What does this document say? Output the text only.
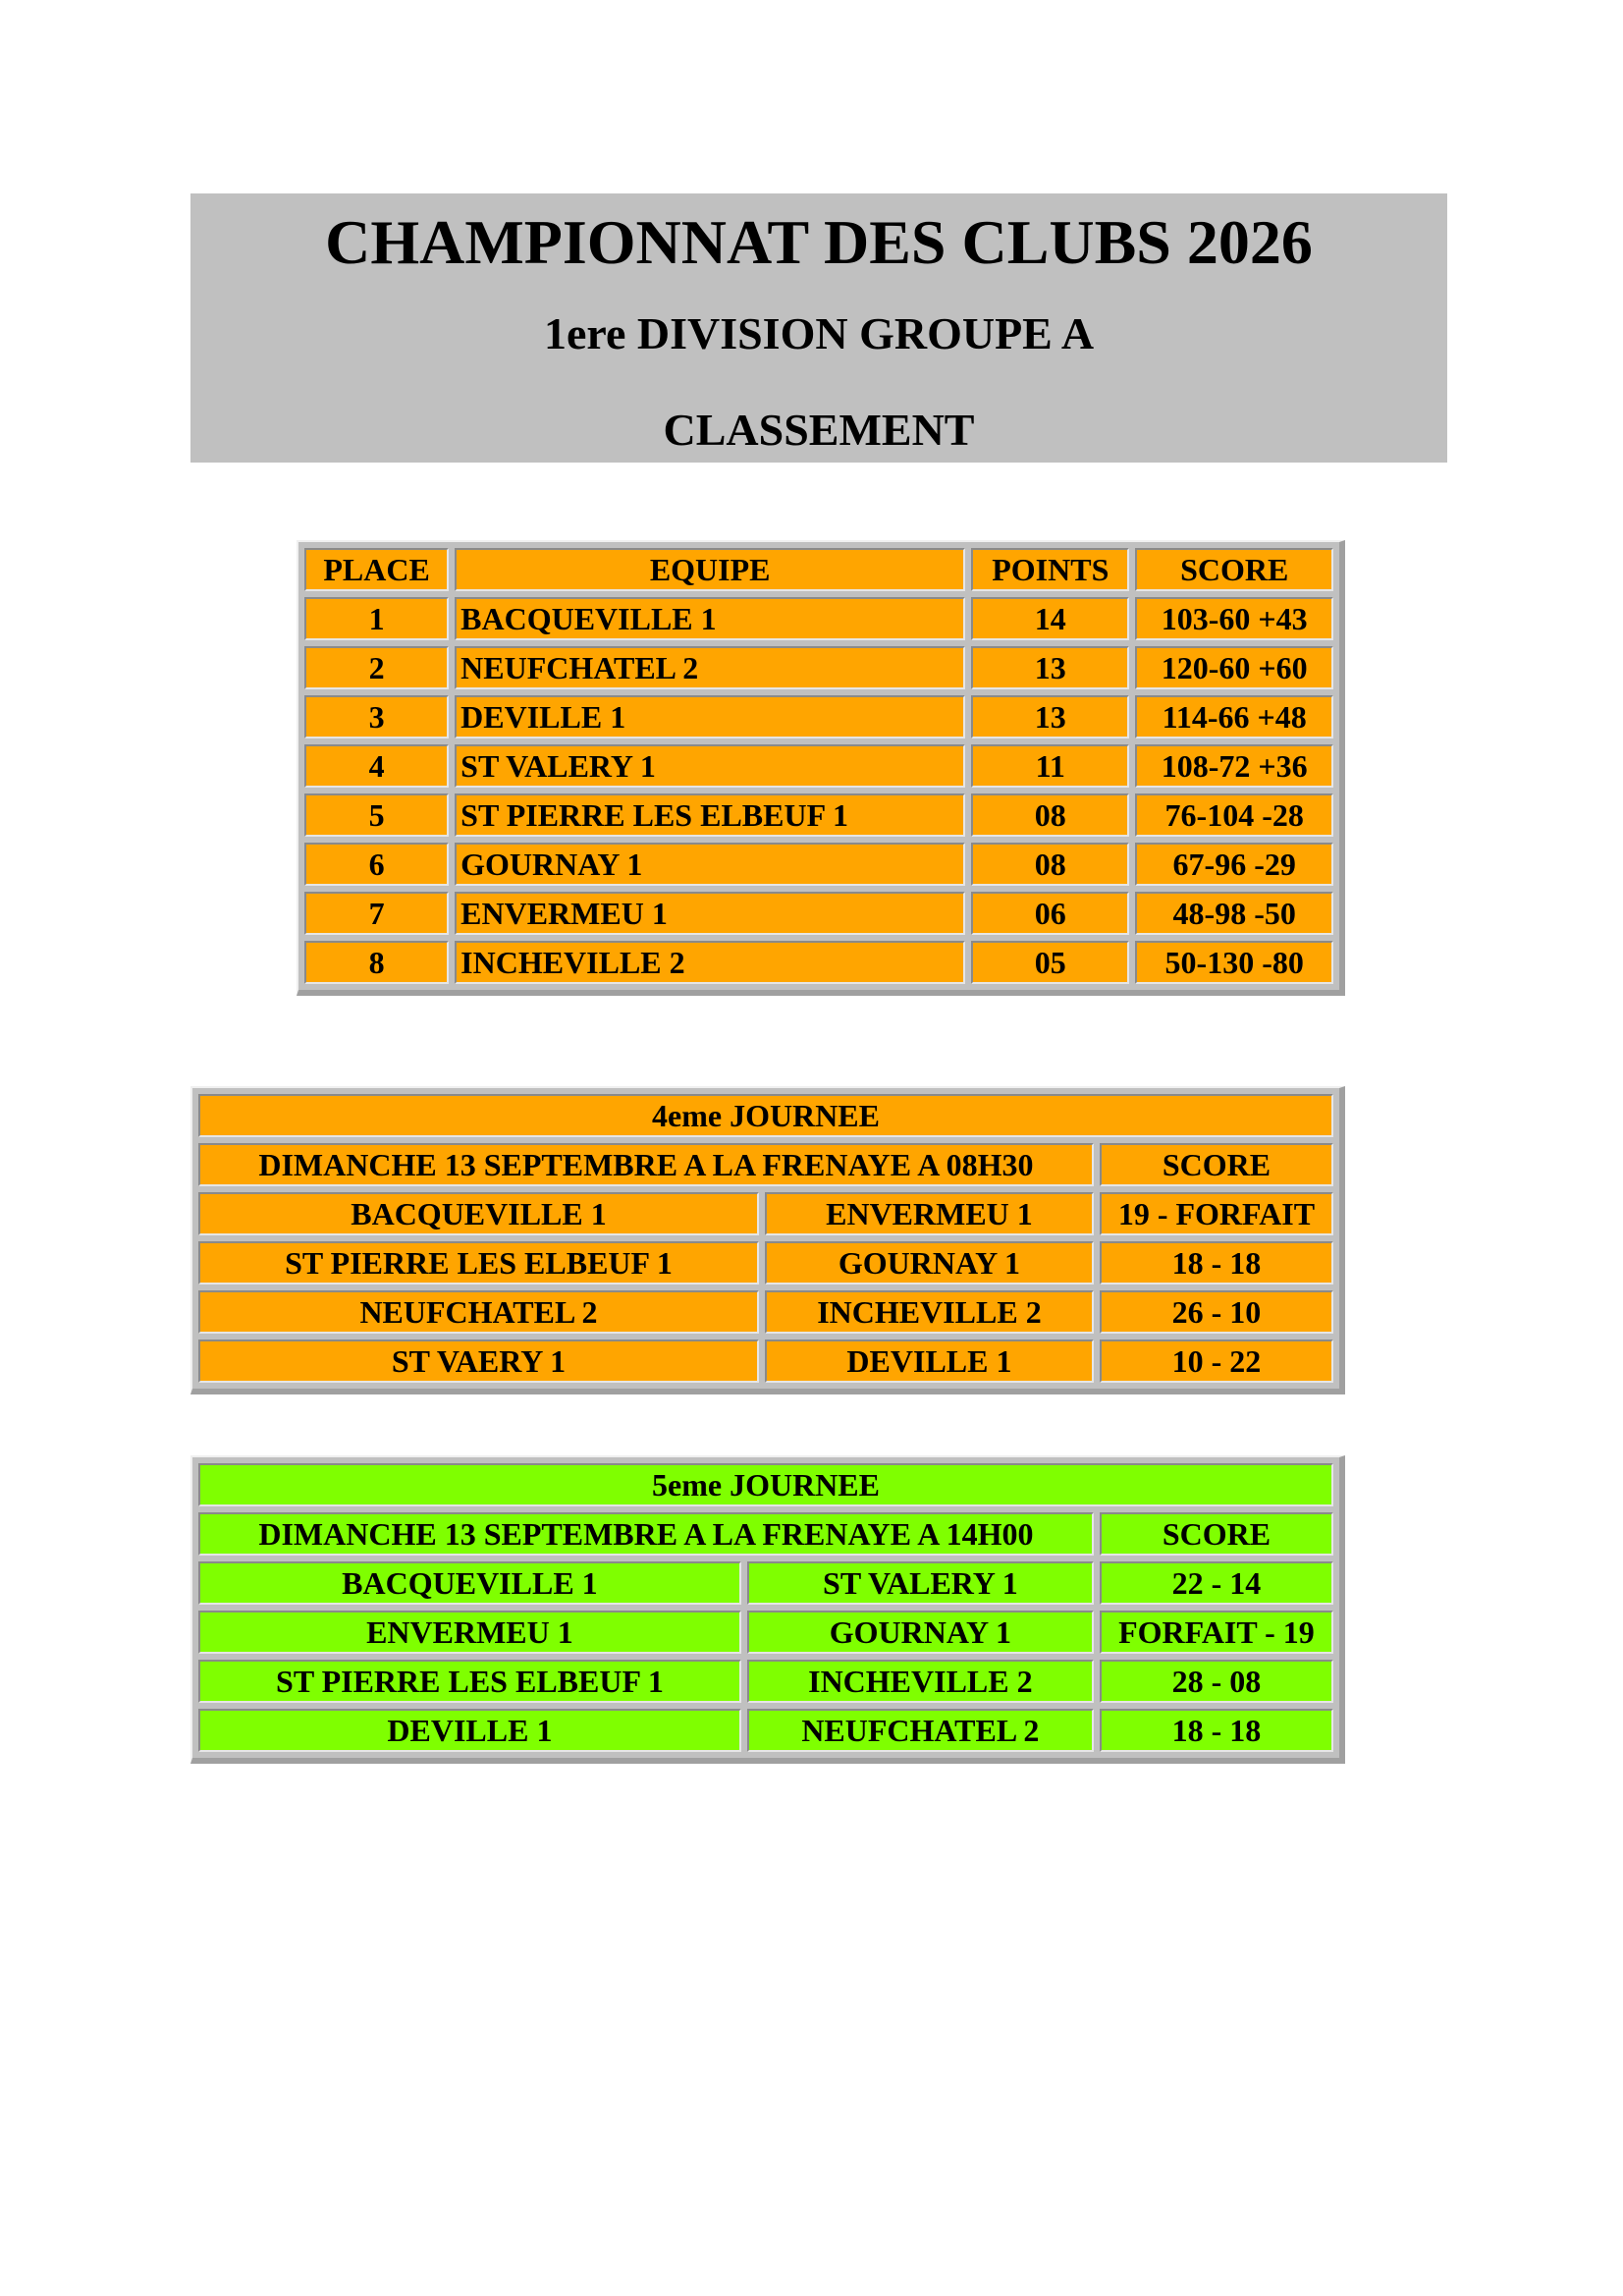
CHAMPIONNAT DES CLUBS 2026
1ere DIVISION GROUPE A
CLASSEMENT
PLACE	EQUIPE	POINTS	SCORE
1	BACQUEVILLE 1	14	103-60 +43
2	NEUFCHATEL 2	13	120-60 +60
3	DEVILLE 1	13	114-66 +48
4	ST VALERY 1	11	108-72 +36
5	ST PIERRE LES ELBEUF 1	08	76-104 -28
6	GOURNAY 1	08	67-96 -29
7	ENVERMEU 1	06	48-98 -50
8	INCHEVILLE 2	05	50-130 -80
4eme JOURNEE		
DIMANCHE 13 SEPTEMBRE A LA FRENAYE A 08H30		SCORE
BACQUEVILLE 1	ENVERMEU 1	19 - FORFAIT
ST PIERRE LES ELBEUF 1	GOURNAY 1	18 - 18
NEUFCHATEL 2	INCHEVILLE 2	26 - 10
ST VAERY 1	DEVILLE 1	10 - 22
5eme JOURNEE		
DIMANCHE 13 SEPTEMBRE A LA FRENAYE A 14H00		SCORE
BACQUEVILLE 1	ST VALERY 1	22 - 14
ENVERMEU 1	GOURNAY 1	FORFAIT - 19
ST PIERRE LES ELBEUF 1	INCHEVILLE 2	28 - 08
DEVILLE 1	NEUFCHATEL 2	18 - 18
